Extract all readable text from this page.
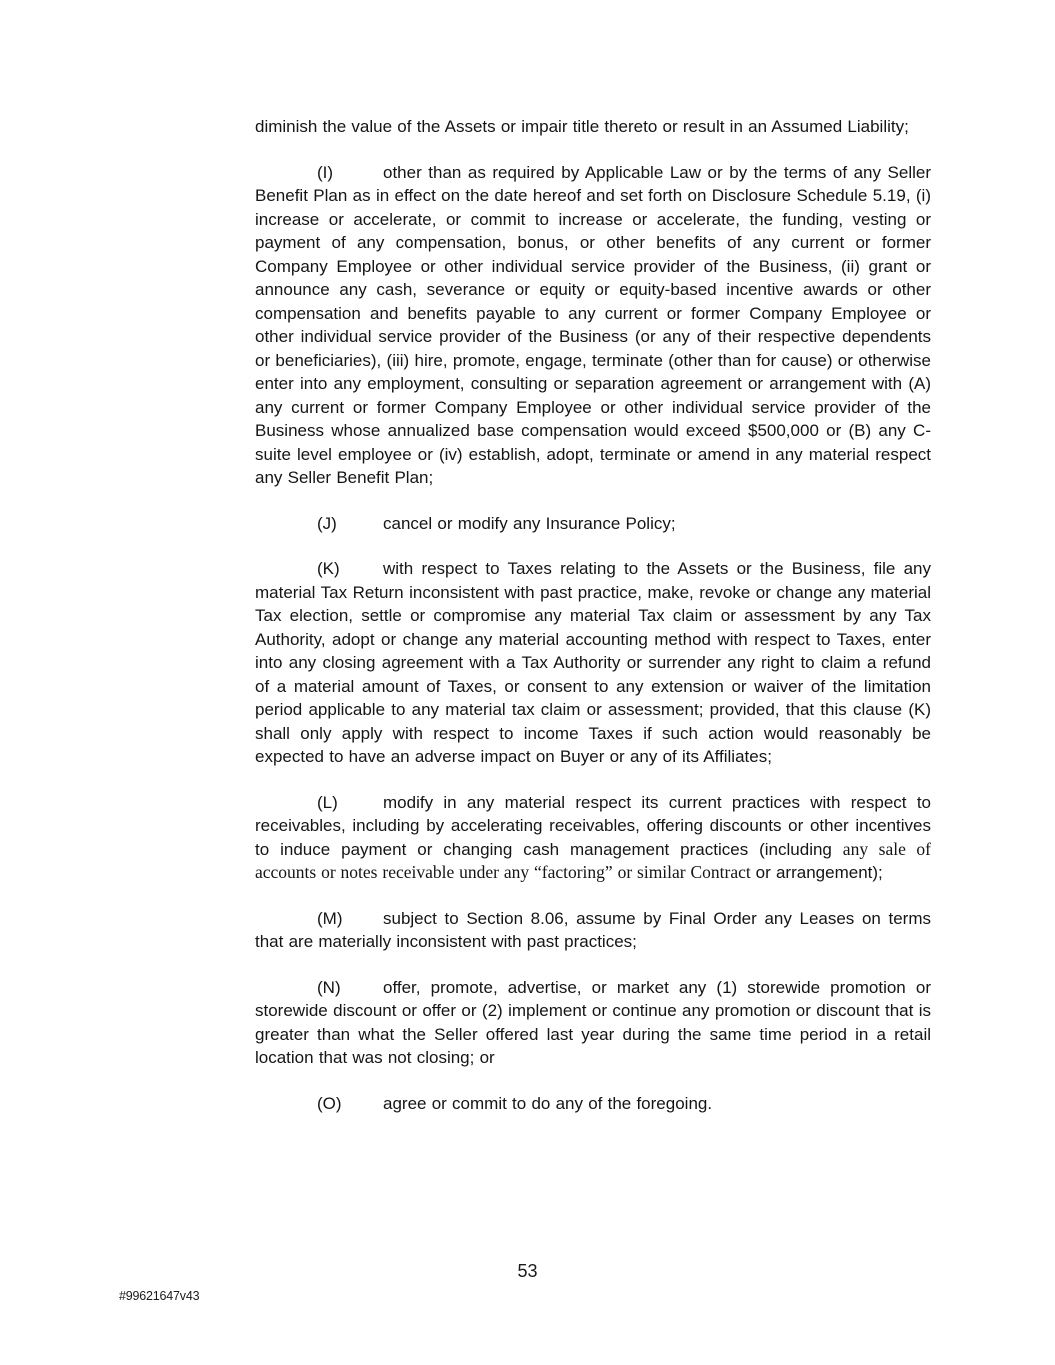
diminish the value of the Assets or impair title thereto or result in an Assumed Liability;

(I)	other than as required by Applicable Law or by the terms of any Seller Benefit Plan as in effect on the date hereof and set forth on Disclosure Schedule 5.19, (i) increase or accelerate, or commit to increase or accelerate, the funding, vesting or payment of any compensation, bonus, or other benefits of any current or former Company Employee or other individual service provider of the Business, (ii) grant or announce any cash, severance or equity or equity-based incentive awards or other compensation and benefits payable to any current or former Company Employee or other individual service provider of the Business (or any of their respective dependents or beneficiaries), (iii) hire, promote, engage, terminate (other than for cause) or otherwise enter into any employment, consulting or separation agreement or arrangement with (A) any current or former Company Employee or other individual service provider of the Business whose annualized base compensation would exceed $500,000 or (B) any C-suite level employee or (iv) establish, adopt, terminate or amend in any material respect any Seller Benefit Plan;

(J)	cancel or modify any Insurance Policy;

(K)	with respect to Taxes relating to the Assets or the Business, file any material Tax Return inconsistent with past practice, make, revoke or change any material Tax election, settle or compromise any material Tax claim or assessment by any Tax Authority, adopt or change any material accounting method with respect to Taxes, enter into any closing agreement with a Tax Authority or surrender any right to claim a refund of a material amount of Taxes, or consent to any extension or waiver of the limitation period applicable to any material tax claim or assessment; provided, that this clause (K) shall only apply with respect to income Taxes if such action would reasonably be expected to have an adverse impact on Buyer or any of its Affiliates;

(L)	modify in any material respect its current practices with respect to receivables, including by accelerating receivables, offering discounts or other incentives to induce payment or changing cash management practices (including any sale of accounts or notes receivable under any “factoring” or similar Contract or arrangement);

(M) subject to Section 8.06, assume by Final Order any Leases on terms that are materially inconsistent with past practices;

(N) offer, promote, advertise, or market any (1) storewide promotion or storewide discount or offer or (2) implement or continue any promotion or discount that is greater than what the Seller offered last year during the same time period in a retail location that was not closing; or

(O) agree or commit to do any of the foregoing.

53
#99621647v43
